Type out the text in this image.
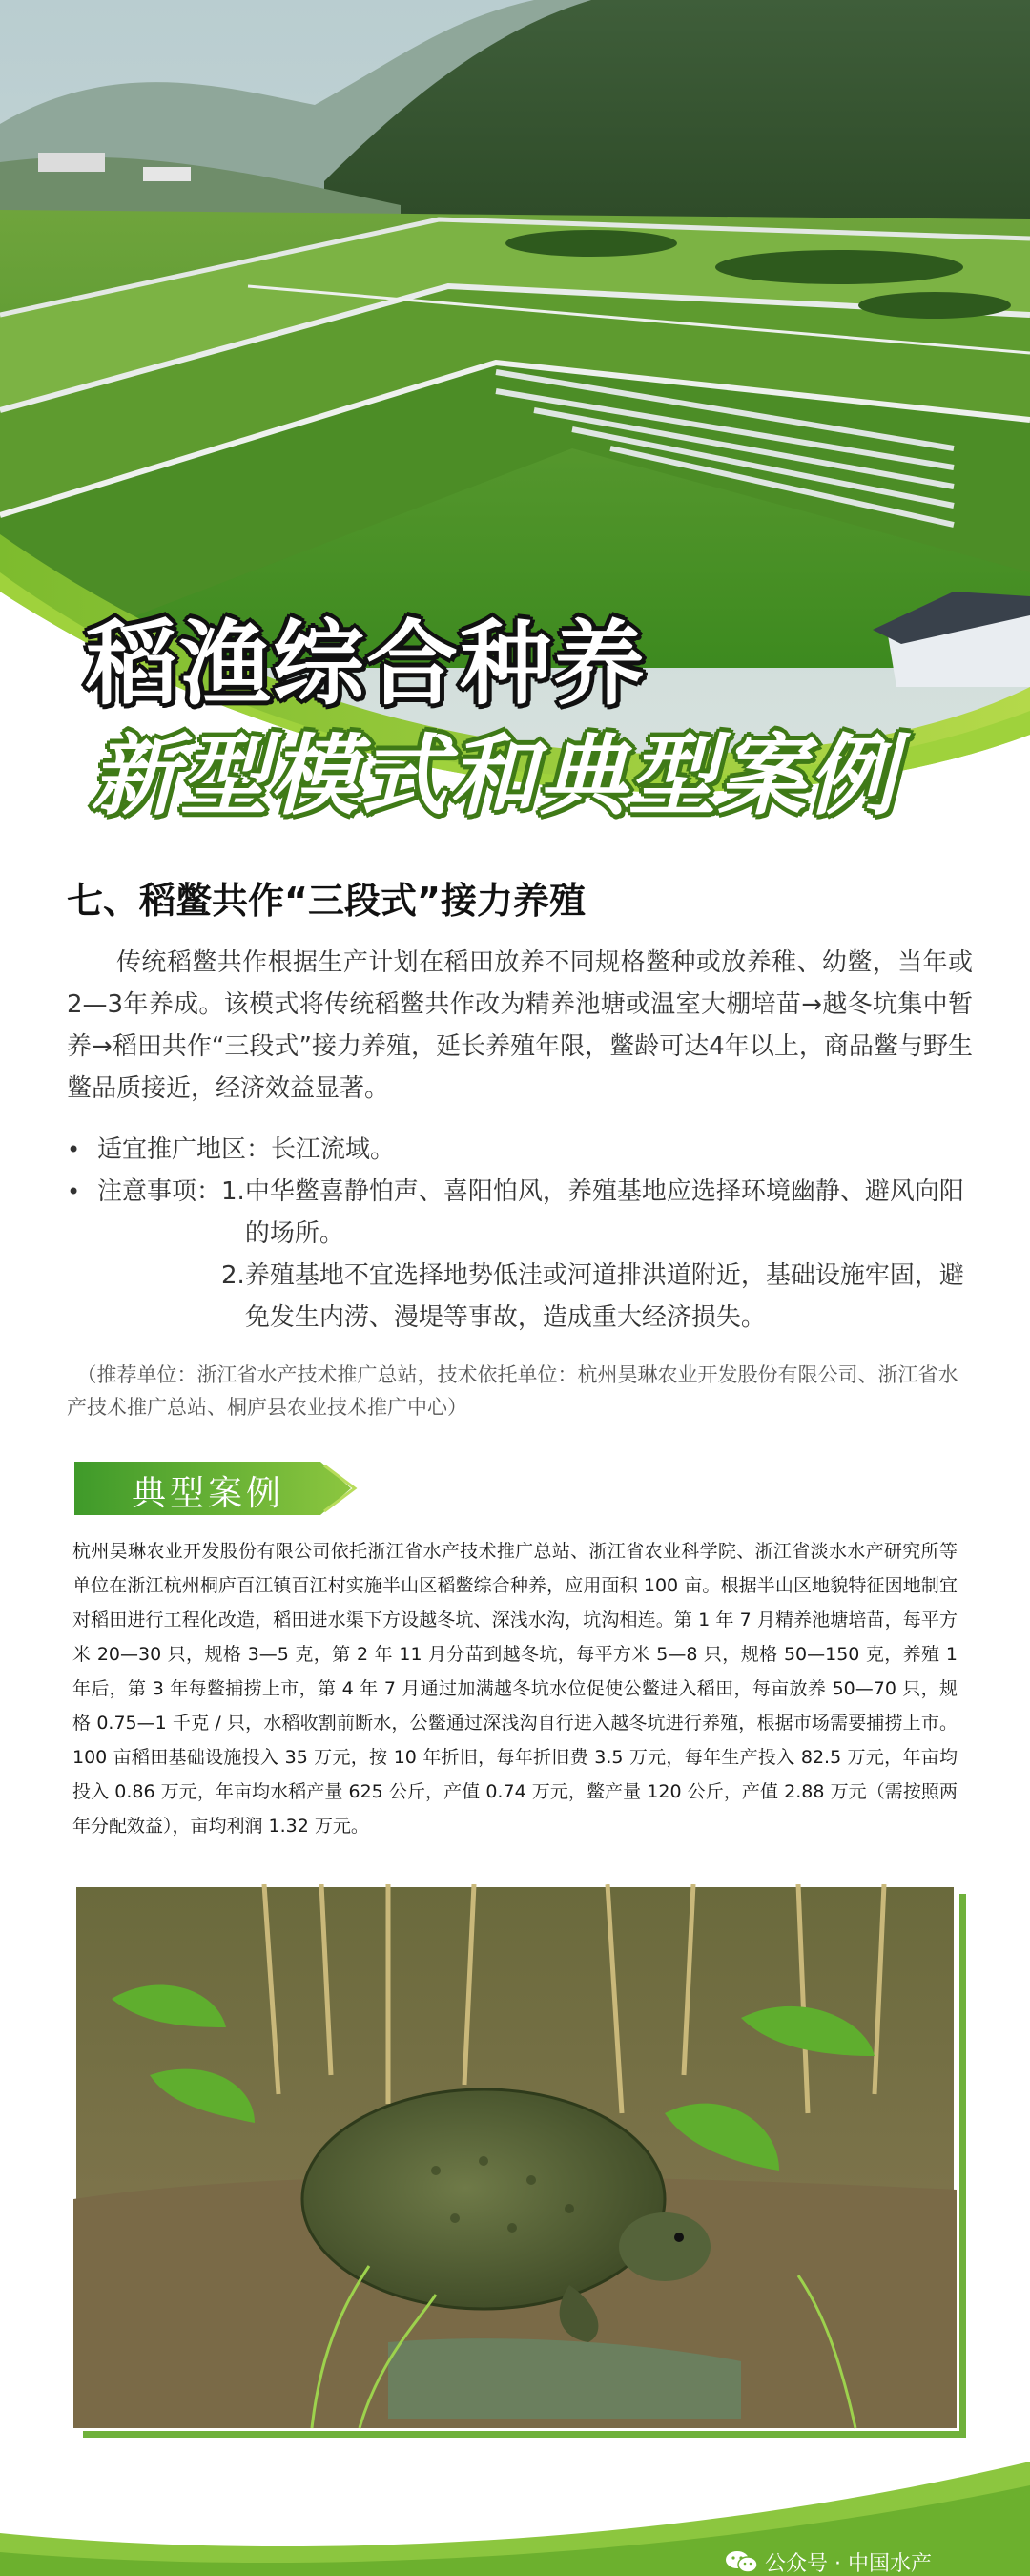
稻渔综合种养
新型模式和典型案例
七、稻鳖共作“三段式”接力养殖

传统稻鳖共作根据生产计划在稻田放养不同规格鳖种或放养稚、幼鳖，当年或2—3年养成。该模式将传统稻鳖共作改为精养池塘或温室大棚培苗→越冬坑集中暂养→稻田共作“三段式”接力养殖，延长养殖年限，鳖龄可达4年以上，商品鳖与野生鳖品质接近，经济效益显著。

• 适宜推广地区： 长江流域。
• 注意事项： 1. 中华鳖喜静怕声、喜阳怕风，养殖基地应选择环境幽静、避风向阳的场所。
2. 养殖基地不宜选择地势低洼或河道排洪道附近，基础设施牢固，避免发生内涝、漫堤等事故，造成重大经济损失。

（推荐单位：浙江省水产技术推广总站，技术依托单位：杭州昊琳农业开发股份有限公司、浙江省水产技术推广总站、桐庐县农业技术推广中心）

典型案例

杭州昊琳农业开发股份有限公司依托浙江省水产技术推广总站、浙江省农业科学院、浙江省淡水水产研究所等单位在浙江杭州桐庐百江镇百江村实施半山区稻鳖综合种养，应用面积 100 亩。根据半山区地貌特征因地制宜对稻田进行工程化改造，稻田进水渠下方设越冬坑、深浅水沟，坑沟相连。第 1 年 7 月精养池塘培苗，每平方米 20—30 只，规格 3—5 克，第 2 年 11 月分苗到越冬坑，每平方米 5—8 只，规格 50—150 克，养殖 1 年后，第 3 年每鳖捕捞上市，第 4 年 7 月通过加满越冬坑水位促使公鳖进入稻田，每亩放养 50—70 只，规格 0.75—1 千克 / 只，水稻收割前断水，公鳖通过深浅沟自行进入越冬坑进行养殖，根据市场需要捕捞上市。100 亩稻田基础设施投入 35 万元，按 10 年折旧，每年折旧费 3.5 万元，每年生产投入 82.5 万元，年亩均投入 0.86 万元，年亩均水稻产量 625 公斤，产值 0.74 万元，鳖产量 120 公斤，产值 2.88 万元（需按照两年分配效益），亩均利润 1.32 万元。

公众号 · 中国水产
